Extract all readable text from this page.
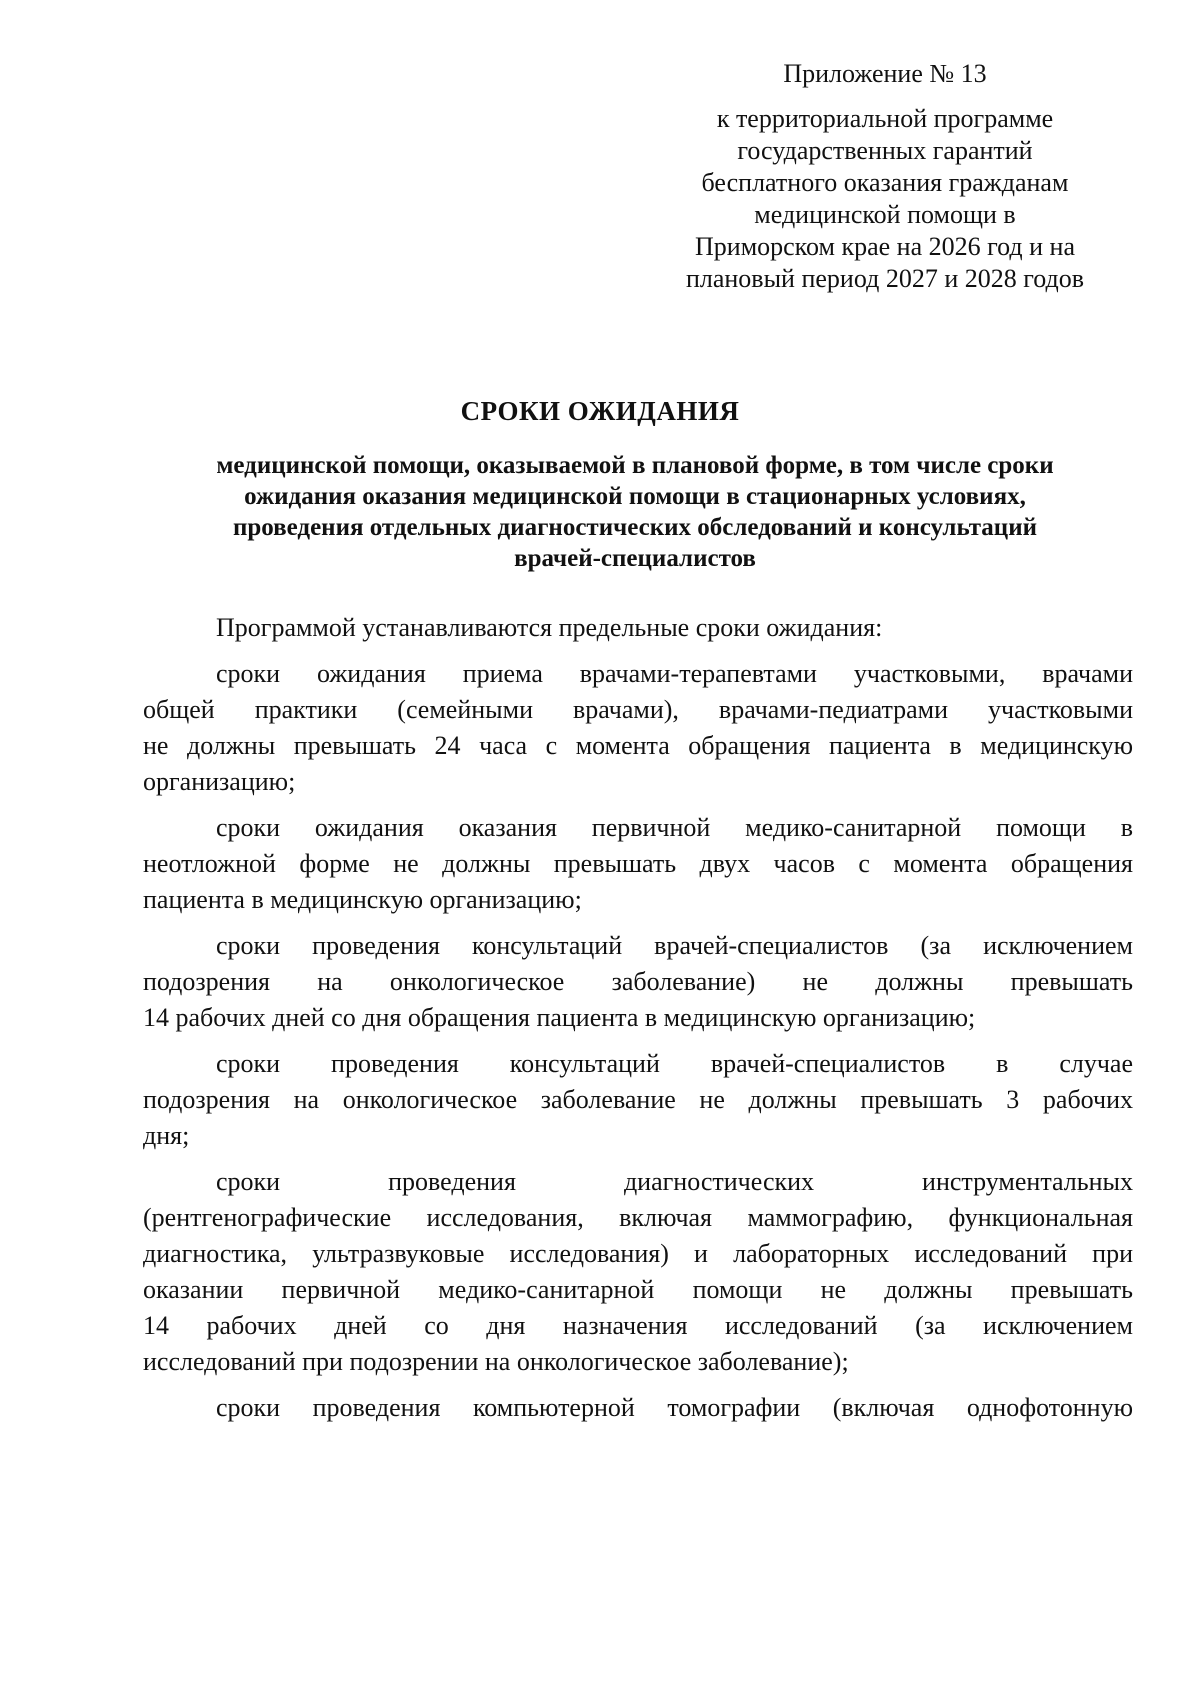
Приложение № 13
к территориальной программе
государственных гарантий
бесплатного оказания гражданам
медицинской помощи в
Приморском крае на 2026 год и на
плановый период 2027 и 2028 годов
СРОКИ ОЖИДАНИЯ
медицинской помощи, оказываемой в плановой форме, в том числе сроки
ожидания оказания медицинской помощи в стационарных условиях,
проведения отдельных диагностических обследований и консультаций
врачей-специалистов
Программой устанавливаются предельные сроки ожидания:
сроки ожидания приема врачами-терапевтами участковыми, врачами
общей практики (семейными врачами), врачами-педиатрами участковыми
не должны превышать 24 часа с момента обращения пациента в медицинскую
организацию;
сроки ожидания оказания первичной медико-санитарной помощи в
неотложной форме не должны превышать двух часов с момента обращения
пациента в медицинскую организацию;
сроки проведения консультаций врачей-специалистов (за исключением
подозрения на онкологическое заболевание) не должны превышать
14 рабочих дней со дня обращения пациента в медицинскую организацию;
сроки проведения консультаций врачей-специалистов в случае
подозрения на онкологическое заболевание не должны превышать 3 рабочих
дня;
сроки проведения диагностических инструментальных
(рентгенографические исследования, включая маммографию, функциональная
диагностика, ультразвуковые исследования) и лабораторных исследований при
оказании первичной медико-санитарной помощи не должны превышать
14 рабочих дней со дня назначения исследований (за исключением
исследований при подозрении на онкологическое заболевание);
сроки проведения компьютерной томографии (включая однофотонную
